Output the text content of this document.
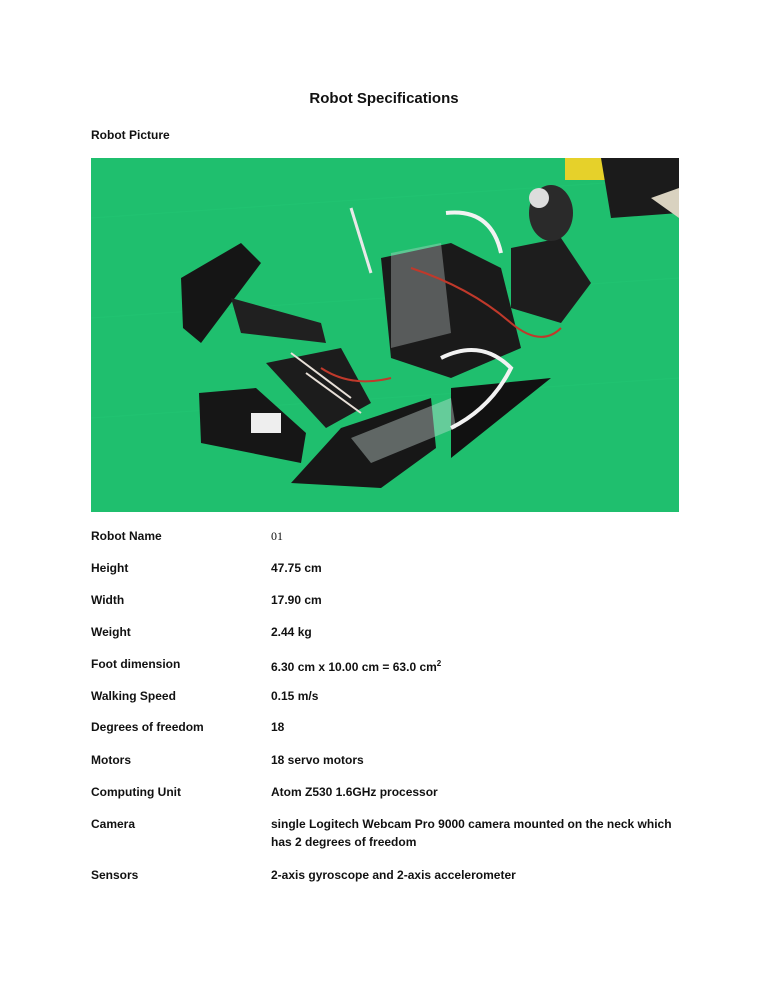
Robot Specifications
Robot Picture
Robot Name	01
Height	47.75 cm
Width	17.90 cm
Weight	2.44 kg
Foot dimension	6.30 cm x 10.00 cm = 63.0 $cm^2$
Walking Speed	0.15 m/s
Degrees of freedom	18
Motors	18 servo motors
Computing Unit	Atom Z530 1.6GHz processor
Camera	single Logitech Webcam Pro 9000 camera mounted on the neck which has 2 degrees of freedom
Sensors	2-axis gyroscope and 2-axis accelerometer
